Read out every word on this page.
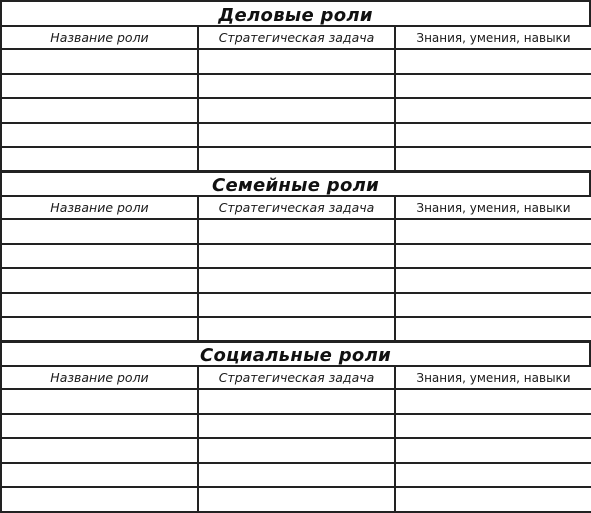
Деловые роли
Название роли	Стратегическая задача	Знания, умения, навыки

Семейные роли
Название роли	Стратегическая задача	Знания, умения, навыки

Социальные роли
Название роли	Стратегическая задача	Знания, умения, навыки
